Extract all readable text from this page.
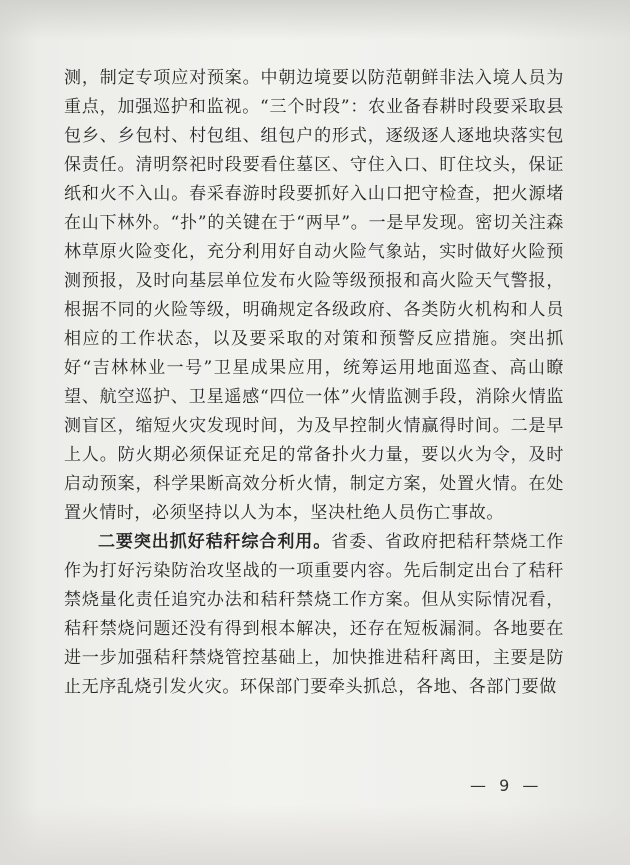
测，制定专项应对预案。中朝边境要以防范朝鲜非法入境人员为重点，加强巡护和监视。“三个时段”：农业备春耕时段要采取县包乡、乡包村、村包组、组包户的形式，逐级逐人逐地块落实包保责任。清明祭祀时段要看住墓区、守住入口、盯住坟头，保证纸和火不入山。春采春游时段要抓好入山口把守检查，把火源堵在山下林外。“扑”的关键在于“两早”。一是早发现。密切关注森林草原火险变化，充分利用好自动火险气象站，实时做好火险预测预报，及时向基层单位发布火险等级预报和高火险天气警报，根据不同的火险等级，明确规定各级政府、各类防火机构和人员相应的工作状态，以及要采取的对策和预警反应措施。突出抓好“吉林林业一号”卫星成果应用，统筹运用地面巡查、高山瞭望、航空巡护、卫星遥感“四位一体”火情监测手段，消除火情监测盲区，缩短火灾发现时间，为及早控制火情赢得时间。二是早上人。防火期必须保证充足的常备扑火力量，要以火为令，及时启动预案，科学果断高效分析火情，制定方案，处置火情。在处置火情时，必须坚持以人为本，坚决杜绝人员伤亡事故。

二要突出抓好秸秆综合利用。省委、省政府把秸秆禁烧工作作为打好污染防治攻坚战的一项重要内容。先后制定出台了秸秆禁烧量化责任追究办法和秸秆禁烧工作方案。但从实际情况看，秸秆禁烧问题还没有得到根本解决，还存在短板漏洞。各地要在进一步加强秸秆禁烧管控基础上，加快推进秸秆离田，主要是防止无序乱烧引发火灾。环保部门要牵头抓总，各地、各部门要做

— 9 —
